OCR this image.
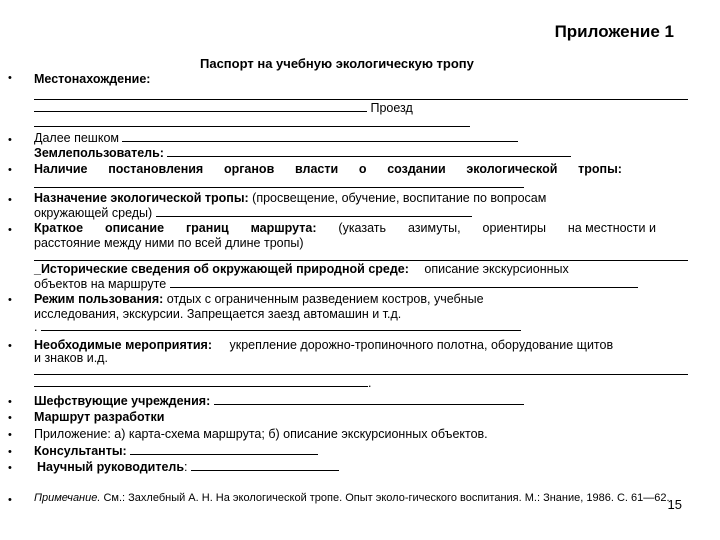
Приложение 1
Паспорт на учебную экологическую тропу
•
•
•
•
•
•
•
•
•
•
•
•
•
Местонахождение:
Проезд
Далее пешком
Землепользователь:
Наличие постановления органов власти о создании экологической тропы:
Назначение экологической тропы: (просвещение, обучение, воспитание по вопросам
окружающей среды)
Краткое описание границ маршрута: (указать азимуты, ориентиры на местности и
расстояние между ними по всей длине тропы)
_Исторические сведения об окружающей природной среде: описание экскурсионных
объектов на маршруте
Режим пользования: отдых с ограниченным разведением костров, учебные
исследования, экскурсии. Запрещается заезд автомашин и т.д.
.
Необходимые мероприятия: укрепление дорожно-тропиночного полотна, оборудование щитов
и знаков и.д.
.
Шефствующие учреждения:
Маршрут разработки
Приложение: а) карта-схема маршрута; б) описание экскурсионных объектов.
Консультанты:
Научный руководитель:
Примечание. См.: Захлебный А. Н. На экологической тропе. Опыт эколо-гического воспитания. М.: Знание, 1986. С. 61—62.
15
